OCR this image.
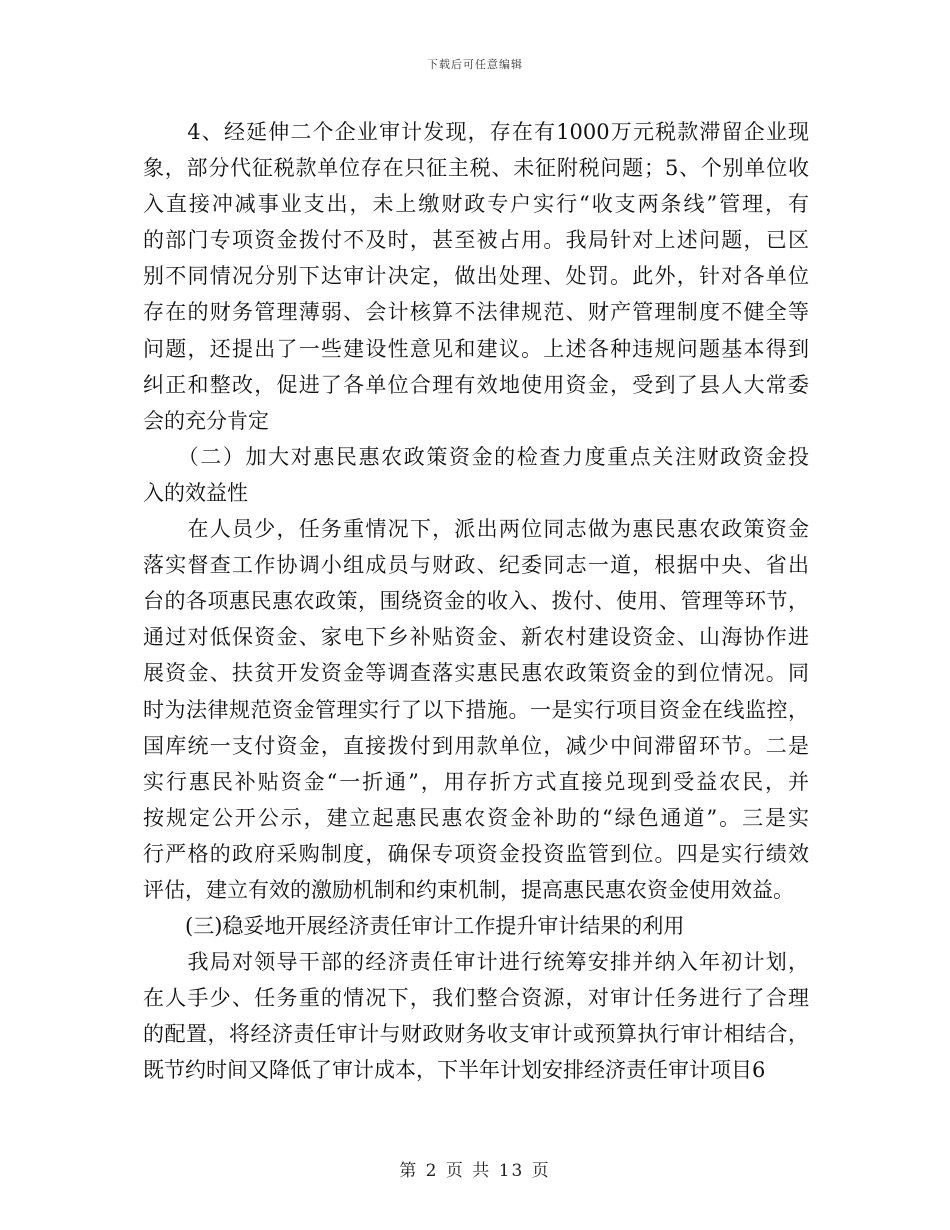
下载后可任意编辑
　　4、经延伸二个企业审计发现，存在有1000万元税款滞留企业现
象，部分代征税款单位存在只征主税、未征附税问题；5、个别单位收
入直接冲减事业支出，未上缴财政专户实行“收支两条线”管理，有
的部门专项资金拨付不及时，甚至被占用。我局针对上述问题，已区
别不同情况分别下达审计决定，做出处理、处罚。此外，针对各单位
存在的财务管理薄弱、会计核算不法律规范、财产管理制度不健全等
问题，还提出了一些建设性意见和建议。上述各种违规问题基本得到
纠正和整改，促进了各单位合理有效地使用资金，受到了县人大常委
会的充分肯定
　　（二）加大对惠民惠农政策资金的检查力度重点关注财政资金投
入的效益性
　　在人员少，任务重情况下，派出两位同志做为惠民惠农政策资金
落实督查工作协调小组成员与财政、纪委同志一道，根据中央、省出
台的各项惠民惠农政策，围绕资金的收入、拨付、使用、管理等环节，
通过对低保资金、家电下乡补贴资金、新农村建设资金、山海协作进
展资金、扶贫开发资金等调查落实惠民惠农政策资金的到位情况。同
时为法律规范资金管理实行了以下措施。一是实行项目资金在线监控，
国库统一支付资金，直接拨付到用款单位，减少中间滞留环节。二是
实行惠民补贴资金“一折通”，用存折方式直接兑现到受益农民，并
按规定公开公示，建立起惠民惠农资金补助的“绿色通道”。三是实
行严格的政府采购制度，确保专项资金投资监管到位。四是实行绩效
评估，建立有效的激励机制和约束机制，提高惠民惠农资金使用效益。
　　(三)稳妥地开展经济责任审计工作提升审计结果的利用
　　我局对领导干部的经济责任审计进行统筹安排并纳入年初计划，
在人手少、任务重的情况下，我们整合资源，对审计任务进行了合理
的配置，将经济责任审计与财政财务收支审计或预算执行审计相结合，
既节约时间又降低了审计成本，下半年计划安排经济责任审计项目6
第 2 页 共 13 页
